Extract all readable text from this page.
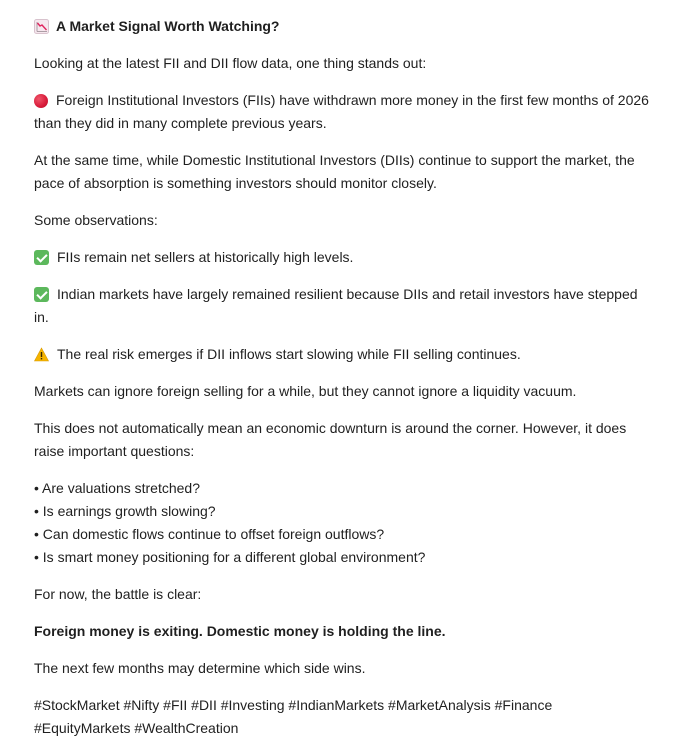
A Market Signal Worth Watching?

Looking at the latest FII and DII flow data, one thing stands out:

Foreign Institutional Investors (FIIs) have withdrawn more money in the first few months of 2026 than they did in many complete previous years.

At the same time, while Domestic Institutional Investors (DIIs) continue to support the market, the pace of absorption is something investors should monitor closely.

Some observations:

FIIs remain net sellers at historically high levels.

Indian markets have largely remained resilient because DIIs and retail investors have stepped in.

The real risk emerges if DII inflows start slowing while FII selling continues.

Markets can ignore foreign selling for a while, but they cannot ignore a liquidity vacuum.

This does not automatically mean an economic downturn is around the corner. However, it does raise important questions:

• Are valuations stretched?
• Is earnings growth slowing?
• Can domestic flows continue to offset foreign outflows?
• Is smart money positioning for a different global environment?

For now, the battle is clear:

Foreign money is exiting. Domestic money is holding the line.

The next few months may determine which side wins.

#StockMarket #Nifty #FII #DII #Investing #IndianMarkets #MarketAnalysis #Finance #EquityMarkets #WealthCreation
